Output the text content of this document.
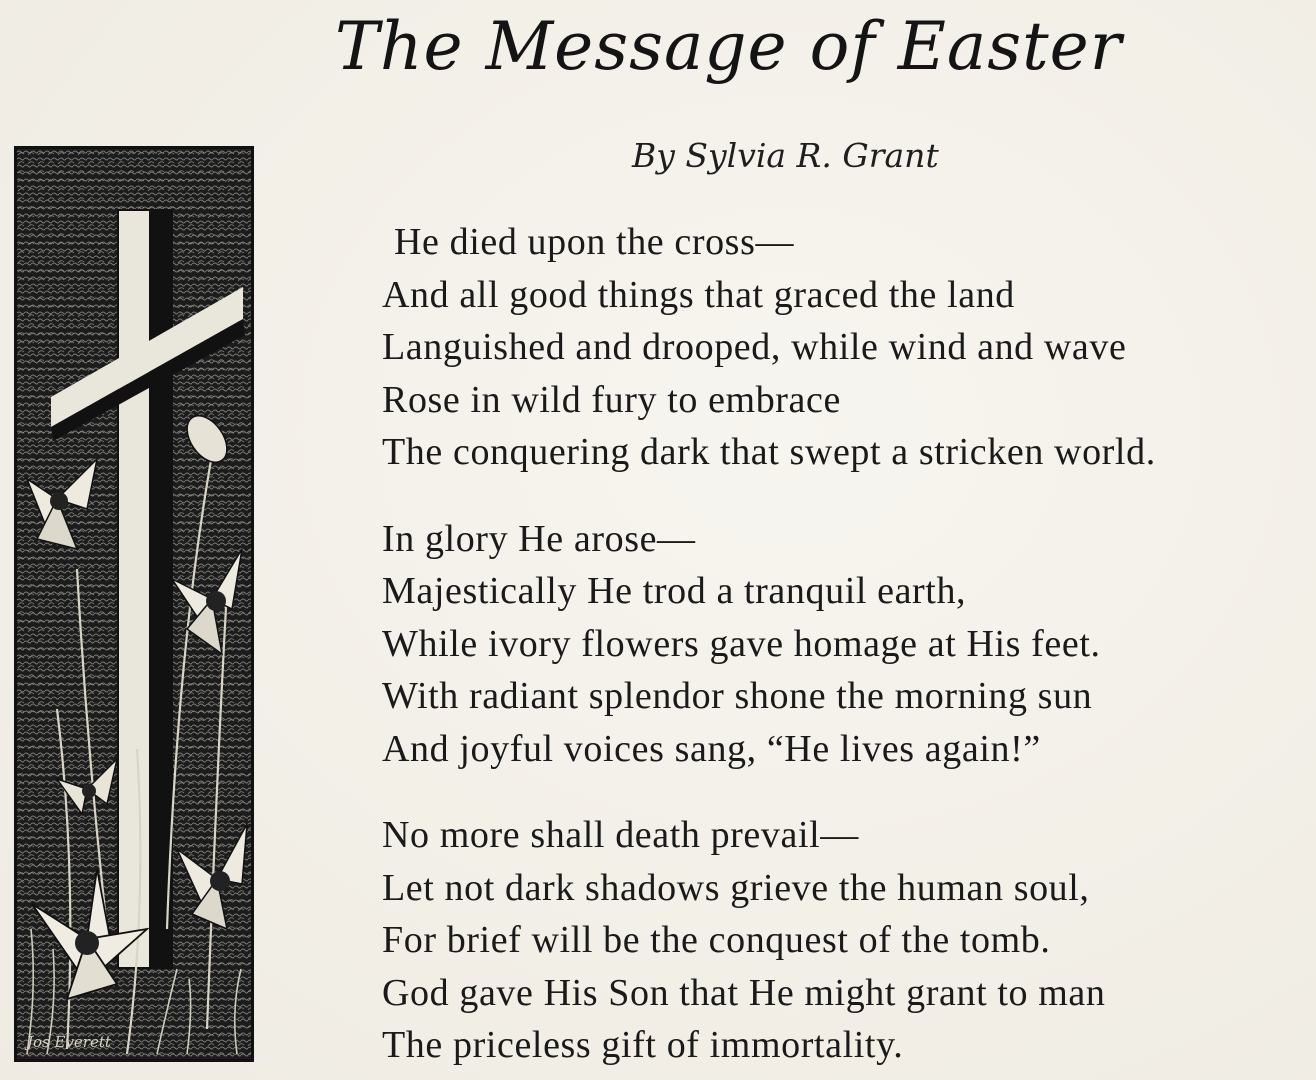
The Message of Easter
By Sylvia R. Grant
Jos Everett
He died upon the cross—
And all good things that graced the land
Languished and drooped, while wind and wave
Rose in wild fury to embrace
The conquering dark that swept a stricken world.
In glory He arose—
Majestically He trod a tranquil earth,
While ivory flowers gave homage at His feet.
With radiant splendor shone the morning sun
And joyful voices sang, “He lives again!”
No more shall death prevail—
Let not dark shadows grieve the human soul,
For brief will be the conquest of the tomb.
God gave His Son that He might grant to man
The priceless gift of immortality.
